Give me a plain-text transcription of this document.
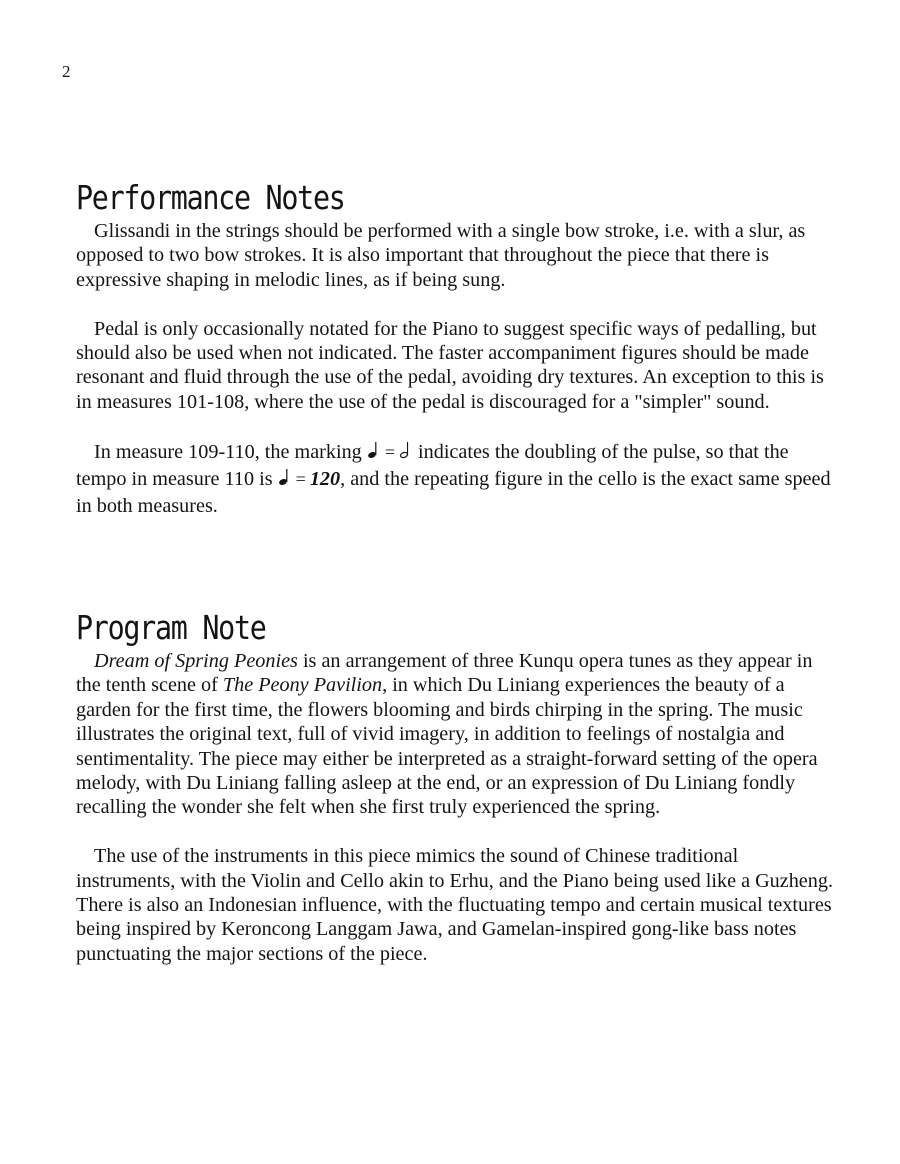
2
Performance Notes

Glissandi in the strings should be performed with a single bow stroke, i.e. with a slur, as opposed to two bow strokes. It is also important that throughout the piece that there is expressive shaping in melodic lines, as if being sung.

Pedal is only occasionally notated for the Piano to suggest specific ways of pedalling, but should also be used when not indicated. The faster accompaniment figures should be made resonant and fluid through the use of the pedal, avoiding dry textures. An exception to this is in measures 101-108, where the use of the pedal is discouraged for a "simpler" sound.

In measure 109-110, the marking
=
indicates the doubling of the pulse, so that the tempo in measure 110 is
= 120, and the repeating figure in the cello is the exact same speed in both measures.

Program Note

Dream of Spring Peonies is an arrangement of three Kunqu opera tunes as they appear in the tenth scene of The Peony Pavilion, in which Du Liniang experiences the beauty of a garden for the first time, the flowers blooming and birds chirping in the spring. The music illustrates the original text, full of vivid imagery, in addition to feelings of nostalgia and sentimentality. The piece may either be interpreted as a straight-forward setting of the opera melody, with Du Liniang falling asleep at the end, or an expression of Du Liniang fondly recalling the wonder she felt when she first truly experienced the spring.

The use of the instruments in this piece mimics the sound of Chinese traditional instruments, with the Violin and Cello akin to Erhu, and the Piano being used like a Guzheng. There is also an Indonesian influence, with the fluctuating tempo and certain musical textures being inspired by Keroncong Langgam Jawa, and Gamelan-inspired gong-like bass notes punctuating the major sections of the piece.
